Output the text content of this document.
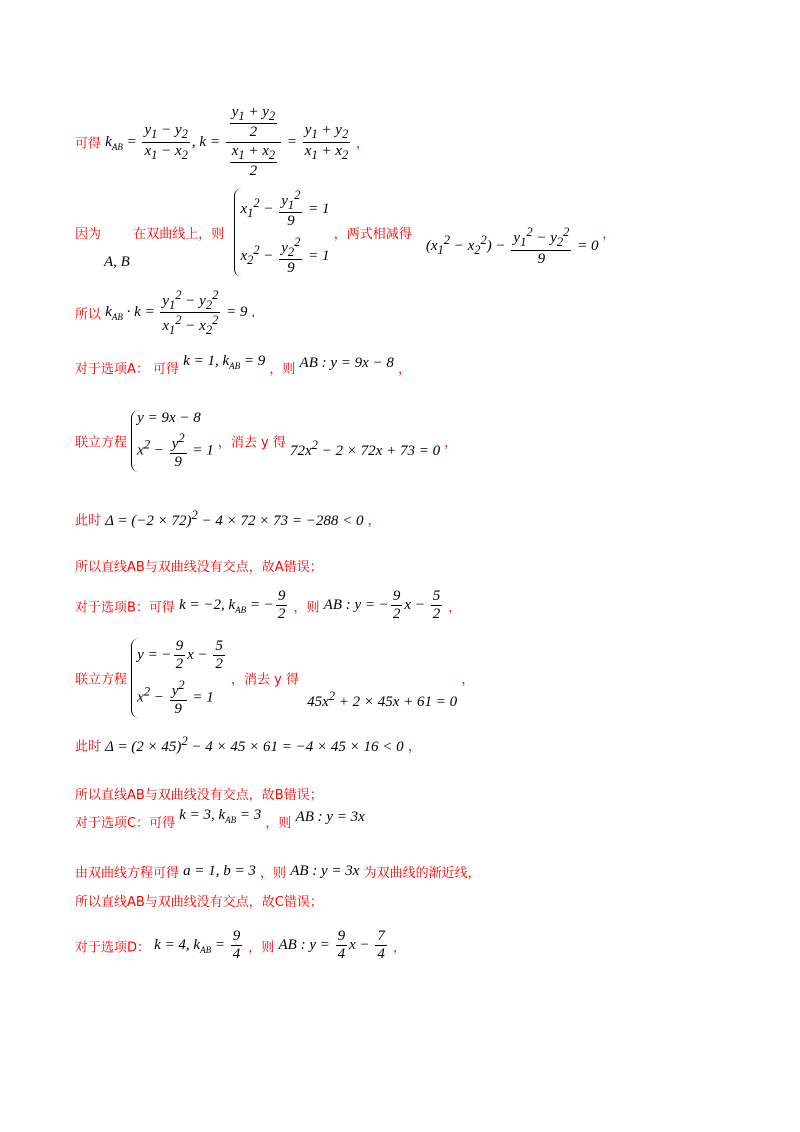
可得 $k_{AB} = \frac{y_1 - y_2}{x_1 - x_2}$ , $k = \frac{\frac{y_1 + y_2}{2}}{\frac{x_1 + x_2}{2}} = \frac{y_1 + y_2}{x_1 + x_2}$ ，
因为 在双曲线上，则
$x_1^2 - \frac{y_1^2}{9} = 1$
$x_2^2 - \frac{y_2^2}{9} = 1$
，两式相减得 $(x_1^2 - x_2^2) - \frac{y_1^2 - y_2^2}{9} = 0$ ，
A, B
所以 $k_{AB} \cdot k = \frac{y_1^2 - y_2^2}{x_1^2 - x_2^2} = 9$ .
对于选项A： 可得 k = 1, $k_{AB} = 9$ ，则 AB : y = 9x − 8 ，
联立方程
y = 9x − 8
$x^2 - \frac{y^2}{9} = 1$ ，消去 y 得 $72x^2 - 2 \times 72x + 73 = 0$ ，
此时 $\Delta = (-2 \times 72)^2 - 4 \times 72 \times 73 = -288 < 0$ ，
所以直线AB与双曲线没有交点，故A错误；
对于选项B：可得 k = −2, $k_{AB}$ = − $\frac{9}{2}$ ，则 AB : y = − $\frac{9}{2}$ $x - \frac{5}{2}$ ，
联立方程
y = − $\frac{9}{2}$ $x - \frac{5}{2}$
$x^2 - \frac{y^2}{9} = 1$
，消去 y 得 $45x^2 + 2 \times 45x + 61 = 0$ ，
此时 $\Delta = (2 \times 45)^2 - 4 \times 45 \times 61 = -4 \times 45 \times 16 < 0$ ，
所以直线AB与双曲线没有交点，故B错误；
对于选项C：可得 k = 3, $k_{AB} = 3$ ，则 AB : y = 3x
由双曲线方程可得 a = 1, b = 3 ，则 AB : y = 3x 为双曲线的渐近线，
所以直线AB与双曲线没有交点，故C错误；
对于选项D： k = 4, $k_{AB} = \frac{9}{4}$ ，则 AB : $y = \frac{9}{4}$ $x - \frac{7}{4}$ ，
